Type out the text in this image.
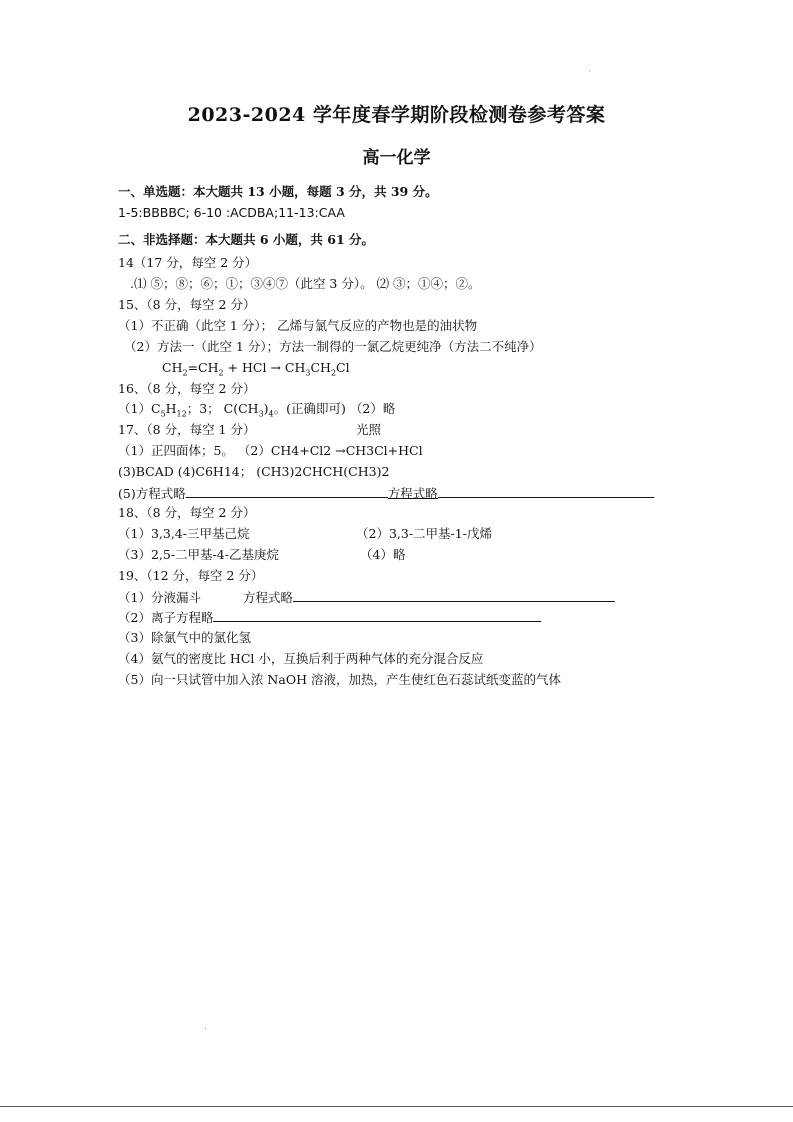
2023-2024 学年度春学期阶段检测卷参考答案
高一化学
一、单选题：本大题共 13 小题，每题 3 分，共 39 分。
1-5:BBBBC; 6-10 :ACDBA;11-13:CAA
二、非选择题：本大题共 6 小题，共 61 分。
14（17 分，每空 2 分）
.⑴ ⑤；⑧；⑥；①；③④⑦（此空 3 分）。 ⑵ ③；①④；②。
15、（8 分，每空 2 分）
（1）不正确（此空 1 分）； 乙烯与氯气反应的产物也是的油状物
（2）方法一（此空 1 分）；方法一制得的一氯乙烷更纯净（方法二不纯净）
$CH_2=CH_2$ + HCl → $CH_3CH_2Cl$
16、（8 分，每空 2 分）
$(1)C_5H_{12}$；3； $C(CH_3)_4$。(正确即可) （2）略
17、（8 分，每空 1 分）	光照
（1）正四面体；5。 （2）CH4+Cl2 →CH3Cl+HCl
(3)BCAD (4)C6H14； (CH3)2CHCH(CH3)2
(5)方程式略	方程式略
18、（8 分，每空 2 分）
（1）3,3,4-三甲基己烷	（2）3,3-二甲基-1-戊烯
（3）2,5-二甲基-4-乙基庚烷	（4）略
19、（12 分，每空 2 分）
（1）分液漏斗	方程式略
（2）离子方程略
（3）除氯气中的氯化氢
（4）氨气的密度比 HCl 小，互换后利于两种气体的充分混合反应
（5）向一只试管中加入浓 NaOH 溶液，加热，产生使红色石蕊试纸变蓝的气体
